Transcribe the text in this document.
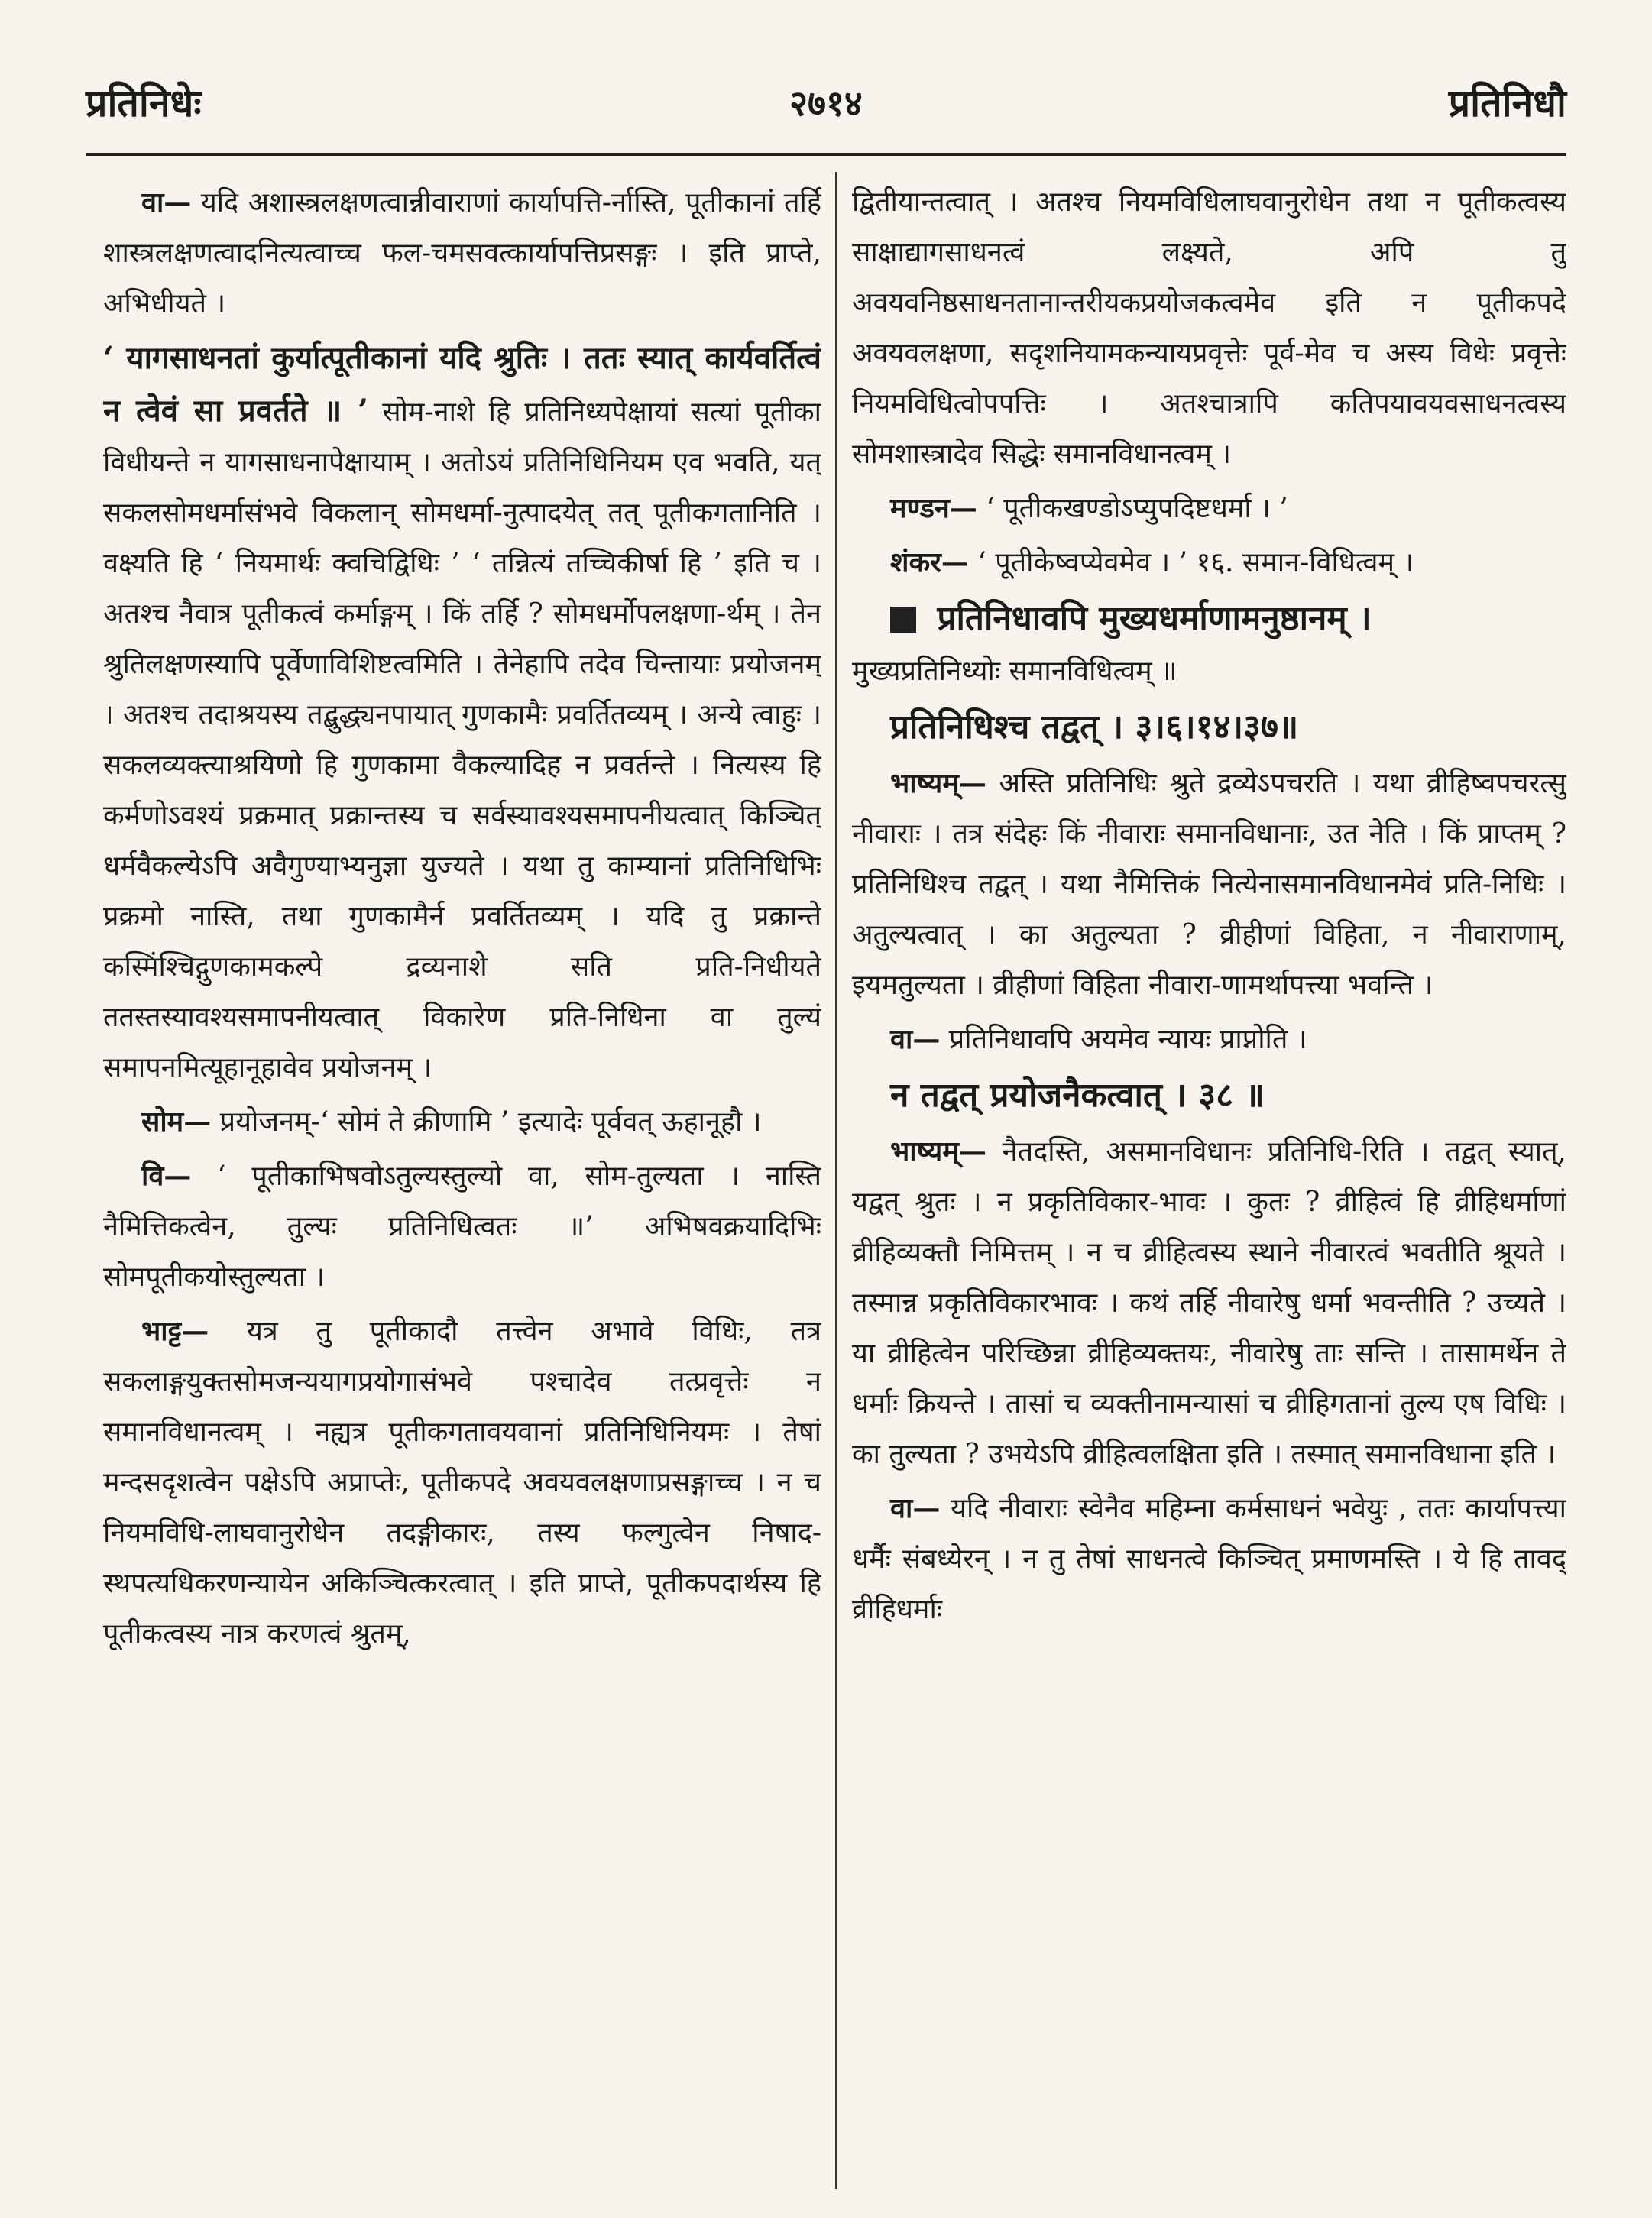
प्रतिनिधेः	२७१४	प्रतिनिधौ

वा— यदि अशास्त्रलक्षणत्वान्नीवाराणां कार्यापत्ति-र्नास्ति, पूतीकानां तर्हि शास्त्रलक्षणत्वादनित्यत्वाच्च फल-चमसवत्कार्यापत्तिप्रसङ्गः । इति प्राप्ते, अभिधीयते ।

‘ यागसाधनतां कुर्यात्पूतीकानां यदि श्रुतिः । ततः स्यात् कार्यवर्तित्वं न त्वेवं सा प्रवर्तते ॥ ’ सोम-नाशे हि प्रतिनिध्यपेक्षायां सत्यां पूतीका विधीयन्ते न यागसाधनापेक्षायाम् । अतोऽयं प्रतिनिधिनियम एव भवति, यत् सकलसोमधर्मासंभवे विकलान् सोमधर्मा-नुत्पादयेत् तत् पूतीकगतानिति । वक्ष्यति हि ‘ नियमार्थः क्वचिद्विधिः ’ ‘ तन्नित्यं तच्चिकीर्षा हि ’ इति च । अतश्च नैवात्र पूतीकत्वं कर्माङ्गम् । किं तर्हि ? सोमधर्मोपलक्षणा-र्थम् । तेन श्रुतिलक्षणस्यापि पूर्वेणाविशिष्टत्वमिति । तेनेहापि तदेव चिन्तायाः प्रयोजनम् । अतश्च तदाश्रयस्य तद्बुद्ध्यनपायात् गुणकामैः प्रवर्तितव्यम् । अन्ये त्वाहुः । सकलव्यक्त्याश्रयिणो हि गुणकामा वैकल्यादिह न प्रवर्तन्ते । नित्यस्य हि कर्मणोऽवश्यं प्रक्रमात् प्रक्रान्तस्य च सर्वस्यावश्यसमापनीयत्वात् किञ्चित् धर्मवैकल्येऽपि अवैगुण्याभ्यनुज्ञा युज्यते । यथा तु काम्यानां प्रतिनिधिभिः प्रक्रमो नास्ति, तथा गुणकामैर्न प्रवर्तितव्यम् । यदि तु प्रक्रान्ते कस्मिंश्चिद्गुणकामकल्पे द्रव्यनाशे सति प्रति-निधीयते ततस्तस्यावश्यसमापनीयत्वात् विकारेण प्रति-निधिना वा तुल्यं समापनमित्यूहानूहावेव प्रयोजनम् ।

सोम— प्रयोजनम्-‘ सोमं ते क्रीणामि ’ इत्यादेः पूर्ववत् ऊहानूहौ ।

वि— ‘ पूतीकाभिषवोऽतुल्यस्तुल्यो वा, सोम-तुल्यता । नास्ति नैमित्तिकत्वेन, तुल्यः प्रतिनिधित्वतः ॥’ अभिषवक्रयादिभिः सोमपूतीकयोस्तुल्यता ।

भाट्ट— यत्र तु पूतीकादौ तत्त्वेन अभावे विधिः, तत्र सकलाङ्गयुक्तसोमजन्ययागप्रयोगासंभवे पश्चादेव तत्प्रवृत्तेः न समानविधानत्वम् । नह्यत्र पूतीकगतावयवानां प्रतिनिधिनियमः । तेषां मन्दसदृशत्वेन पक्षेऽपि अप्राप्तेः, पूतीकपदे अवयवलक्षणाप्रसङ्गाच्च । न च नियमविधि-लाघवानुरोधेन तदङ्गीकारः, तस्य फल्गुत्वेन निषाद-स्थपत्यधिकरणन्यायेन अकिञ्चित्करत्वात् । इति प्राप्ते, पूतीकपदार्थस्य हि पूतीकत्वस्य नात्र करणत्वं श्रुतम्,

द्वितीयान्तत्वात् । अतश्च नियमविधिलाघवानुरोधेन तथा न पूतीकत्वस्य साक्षाद्यागसाधनत्वं लक्ष्यते, अपि तु अवयवनिष्ठसाधनतानान्तरीयकप्रयोजकत्वमेव इति न पूतीकपदे अवयवलक्षणा, सदृशनियामकन्यायप्रवृत्तेः पूर्व-मेव च अस्य विधेः प्रवृत्तेः नियमविधित्वोपपत्तिः । अतश्चात्रापि कतिपयावयवसाधनत्वस्य सोमशास्त्रादेव सिद्धेः समानविधानत्वम् ।

मण्डन— ‘ पूतीकखण्डोऽप्युपदिष्टधर्मा । ’

शंकर— ‘ पूतीकेष्वप्येवमेव । ’ १६. समान-विधित्वम् ।

प्रतिनिधावपि मुख्यधर्माणामनुष्ठानम् ।
मुख्यप्रतिनिध्योः समानविधित्वम् ॥

प्रतिनिधिश्च तद्वत् । ३।६।१४।३७॥

भाष्यम्— अस्ति प्रतिनिधिः श्रुते द्रव्येऽपचरति । यथा व्रीहिष्वपचरत्सु नीवाराः । तत्र संदेहः किं नीवाराः समानविधानाः, उत नेति । किं प्राप्तम् ? प्रतिनिधिश्च तद्वत् । यथा नैमित्तिकं नित्येनासमानविधानमेवं प्रति-निधिः । अतुल्यत्वात् । का अतुल्यता ? व्रीहीणां विहिता, न नीवाराणाम्, इयमतुल्यता । व्रीहीणां विहिता नीवारा-णामर्थापत्त्या भवन्ति ।

वा— प्रतिनिधावपि अयमेव न्यायः प्राप्नोति ।

न तद्वत् प्रयोजनैकत्वात् । ३८ ॥

भाष्यम्— नैतदस्ति, असमानविधानः प्रतिनिधि-रिति । तद्वत् स्यात्, यद्वत् श्रुतः । न प्रकृतिविकार-भावः । कुतः ? व्रीहित्वं हि व्रीहिधर्माणां व्रीहिव्यक्तौ निमित्तम् । न च व्रीहित्वस्य स्थाने नीवारत्वं भवतीति श्रूयते । तस्मान्न प्रकृतिविकारभावः । कथं तर्हि नीवारेषु धर्मा भवन्तीति ? उच्यते । या व्रीहित्वेन परिच्छिन्ना व्रीहिव्यक्तयः, नीवारेषु ताः सन्ति । तासामर्थेन ते धर्माः क्रियन्ते । तासां च व्यक्तीनामन्यासां च व्रीहिगतानां तुल्य एष विधिः । का तुल्यता ? उभयेऽपि व्रीहित्वलक्षिता इति । तस्मात् समानविधाना इति ।

वा— यदि नीवाराः स्वेनैव महिम्ना कर्मसाधनं भवेयुः , ततः कार्यापत्त्या धर्मैः संबध्येरन् । न तु तेषां साधनत्वे किञ्चित् प्रमाणमस्ति । ये हि तावद् व्रीहिधर्माः
